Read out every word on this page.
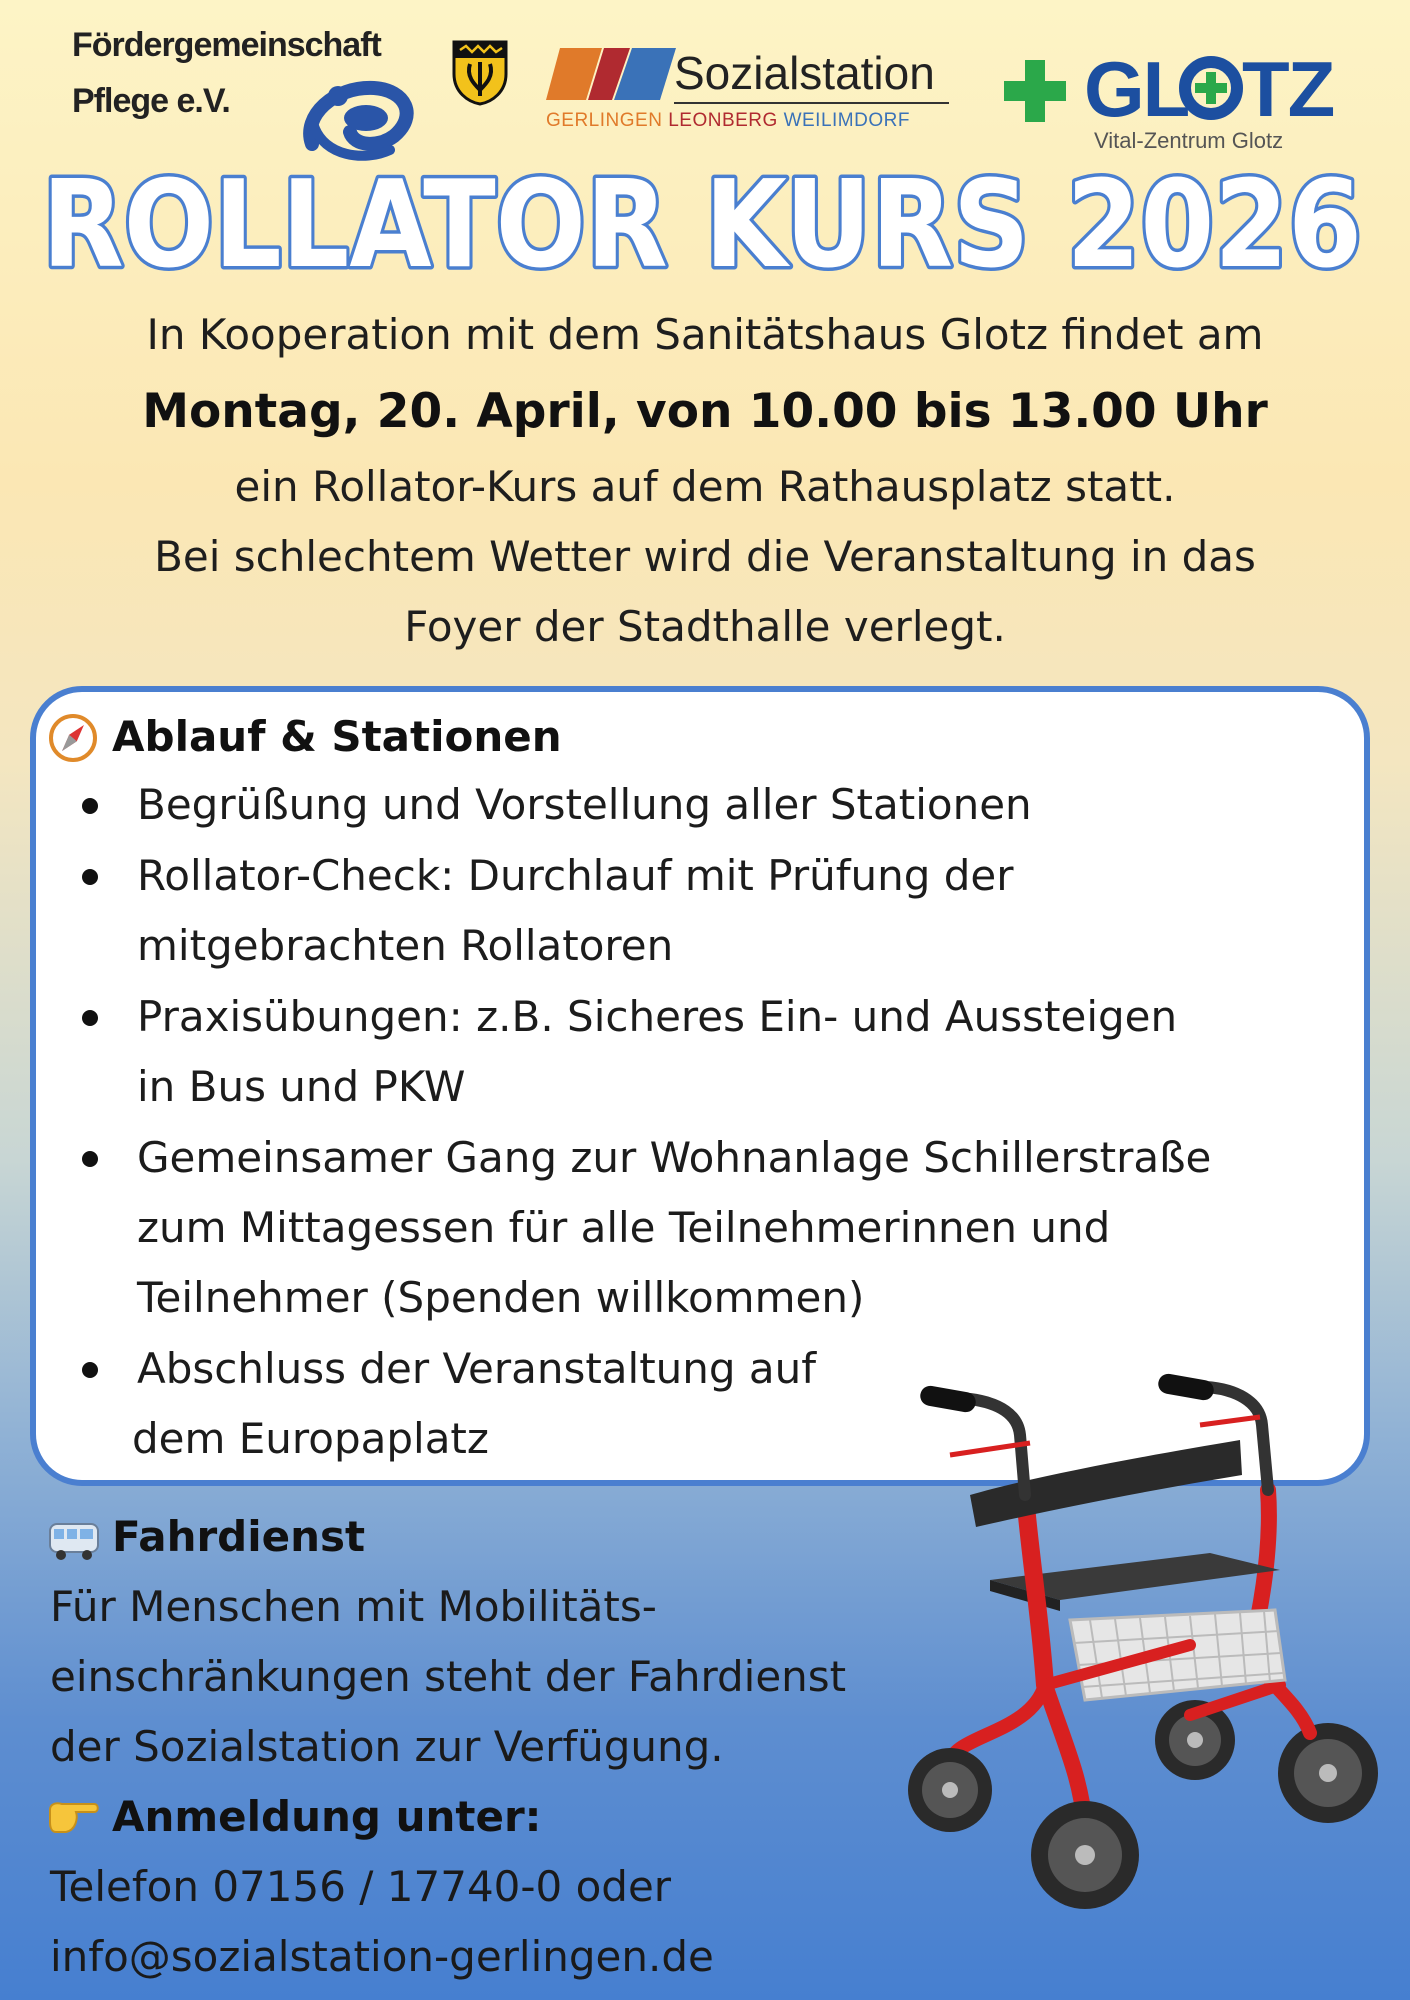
Fördergemeinschaft
Pflege e.V.
Sozialstation
GERLINGEN LEONBERG WEILIMDORF GL TZ
Vital-Zentrum Glotz
ROLLATOR KURS 2026
In Kooperation mit dem Sanitätshaus Glotz findet am
Montag, 20. April, von 10.00 bis 13.00 Uhr
ein Rollator-Kurs auf dem Rathausplatz statt.
Bei schlechtem Wetter wird die Veranstaltung in das
Foyer der Stadthalle verlegt.
Ablauf & Stationen
Begrüßung und Vorstellung aller Stationen
Rollator-Check: Durchlauf mit Prüfung der
mitgebrachten Rollatoren
Praxisübungen: z.B. Sicheres Ein- und Aussteigen
in Bus und PKW
Gemeinsamer Gang zur Wohnanlage Schillerstraße
zum Mittagessen für alle Teilnehmerinnen und
Teilnehmer (Spenden willkommen)
Abschluss der Veranstaltung auf
dem Europaplatz
Fahrdienst
Für Menschen mit Mobilitäts-
einschränkungen steht der Fahrdienst
der Sozialstation zur Verfügung.
Anmeldung unter:
Telefon 07156 / 17740-0 oder
info@sozialstation-gerlingen.de
